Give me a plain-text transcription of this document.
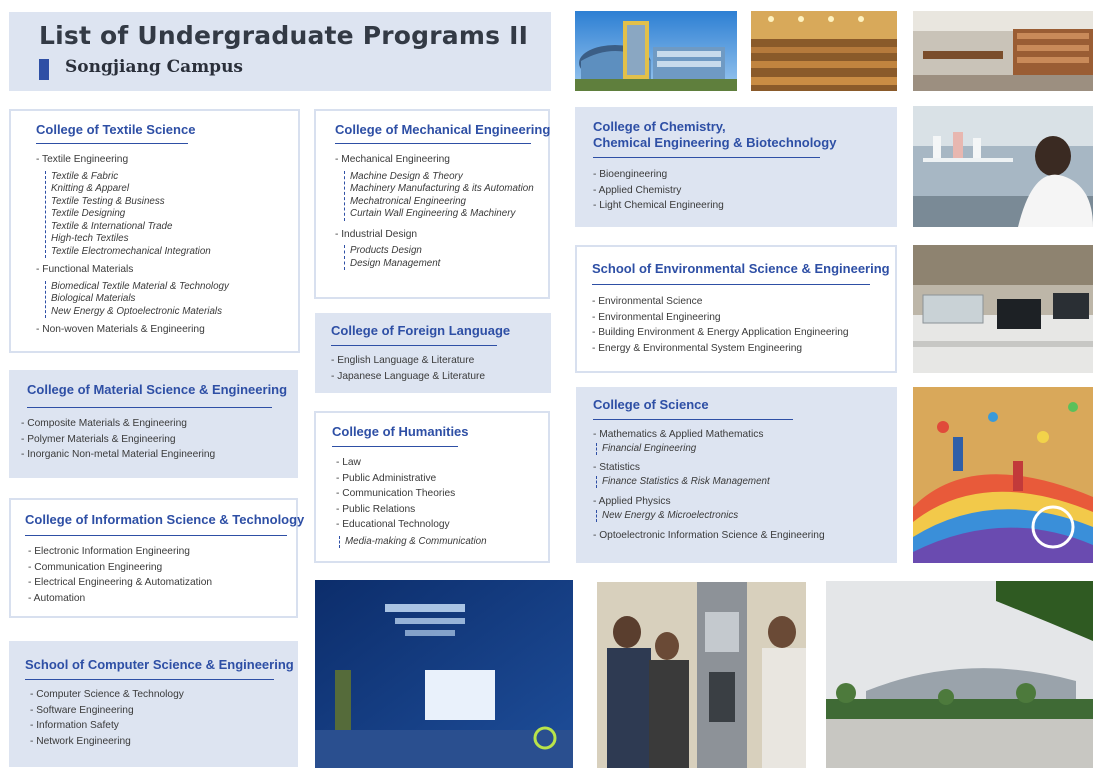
List of Undergraduate Programs II
Songjiang Campus
College of Textile Science
- Textile Engineering
Textile & Fabric
Knitting & Apparel
Textile Testing & Business
Textile Designing
Textile & International Trade
High-tech Textiles
Textile Electromechanical Integration
- Functional Materials
Biomedical Textile Material & Technology
Biological Materials
New Energy & Optoelectronic Materials
- Non-woven Materials & Engineering
College of Mechanical Engineering
- Mechanical Engineering
Machine Design & Theory
Machinery Manufacturing & its Automation
Mechatronical Engineering
Curtain Wall Engineering & Machinery
- Industrial Design
Products Design
Design Management
College of Chemistry,
Chemical Engineering & Biotechnology
- Bioengineering
- Applied Chemistry
- Light Chemical Engineering
School of Environmental Science & Engineering
- Environmental Science
- Environmental Engineering
- Building Environment & Energy Application Engineering
- Energy & Environmental System Engineering
College of Foreign Language
- English Language & Literature
- Japanese Language & Literature
College of Material Science & Engineering
- Composite Materials & Engineering
- Polymer Materials & Engineering
- Inorganic Non-metal Material Engineering
College of Humanities
- Law
- Public Administrative
- Communication Theories
- Public Relations
- Educational Technology
Media-making & Communication
College of Science
- Mathematics & Applied Mathematics
Financial Engineering
- Statistics
Finance Statistics & Risk Management
- Applied Physics
New Energy & Microelectronics
- Optoelectronic Information Science & Engineering
College of Information Science & Technology
- Electronic Information Engineering
- Communication Engineering
- Electrical Engineering & Automatization
- Automation
School of Computer Science & Engineering
- Computer Science & Technology
- Software Engineering
- Information Safety
- Network Engineering
